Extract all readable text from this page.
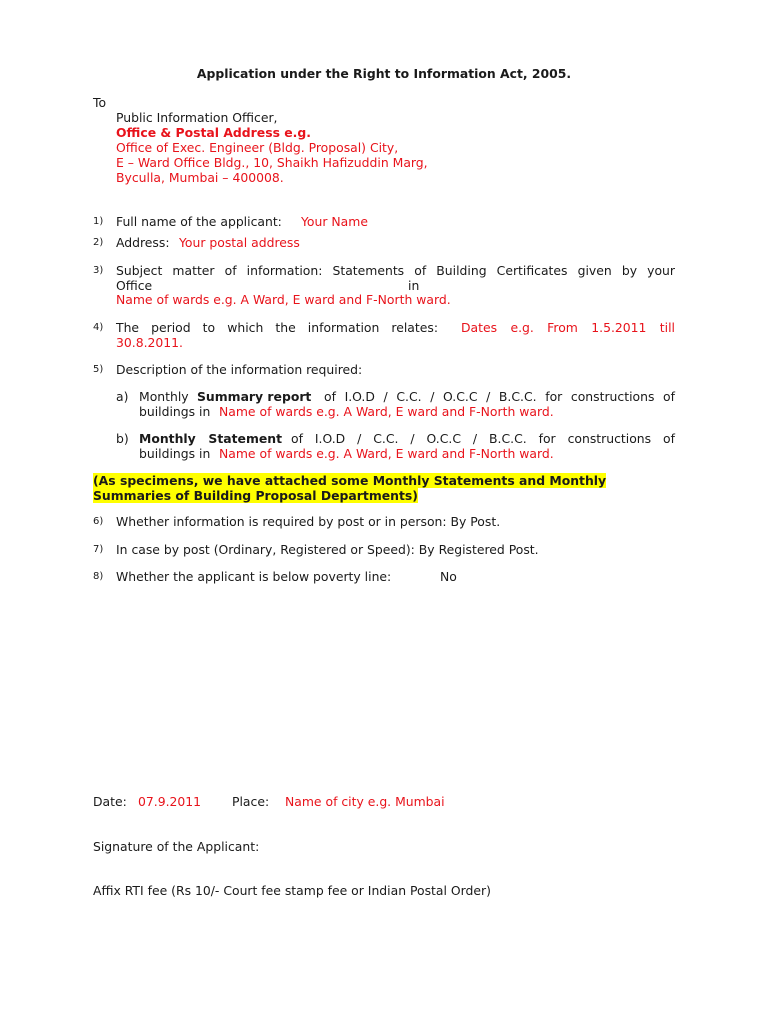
Application under the Right to Information Act, 2005.
To
Public Information Officer,
Office & Postal Address e.g.
Office of Exec. Engineer (Bldg. Proposal) City,
E – Ward Office Bldg., 10, Shaikh Hafizuddin Marg,
Byculla, Mumbai – 400008.
1) Full name of the applicant: Your Name
2) Address: Your postal address
3) Subject matter of information: Statements of Building Certificates given by your
Office	in
Name of wards e.g. A Ward, E ward and F-North ward.
4) The period to which the information relates: Dates e.g. From 1.5.2011 till
30.8.2011.
5) Description of the information required:
a) Monthly Summary report of I.O.D / C.C. / O.C.C / B.C.C. for constructions of
buildings in Name of wards e.g. A Ward, E ward and F-North ward.
b) Monthly Statement of I.O.D / C.C. / O.C.C / B.C.C. for constructions of
buildings in Name of wards e.g. A Ward, E ward and F-North ward.
(As specimens, we have attached some Monthly Statements and Monthly
Summaries of Building Proposal Departments)
6) Whether information is required by post or in person: By Post.
7) In case by post (Ordinary, Registered or Speed): By Registered Post.
8) Whether the applicant is below poverty line:	No
Date: 07.9.2011 Place: Name of city e.g. Mumbai
Signature of the Applicant:
Affix RTI fee (Rs 10/- Court fee stamp fee or Indian Postal Order)
